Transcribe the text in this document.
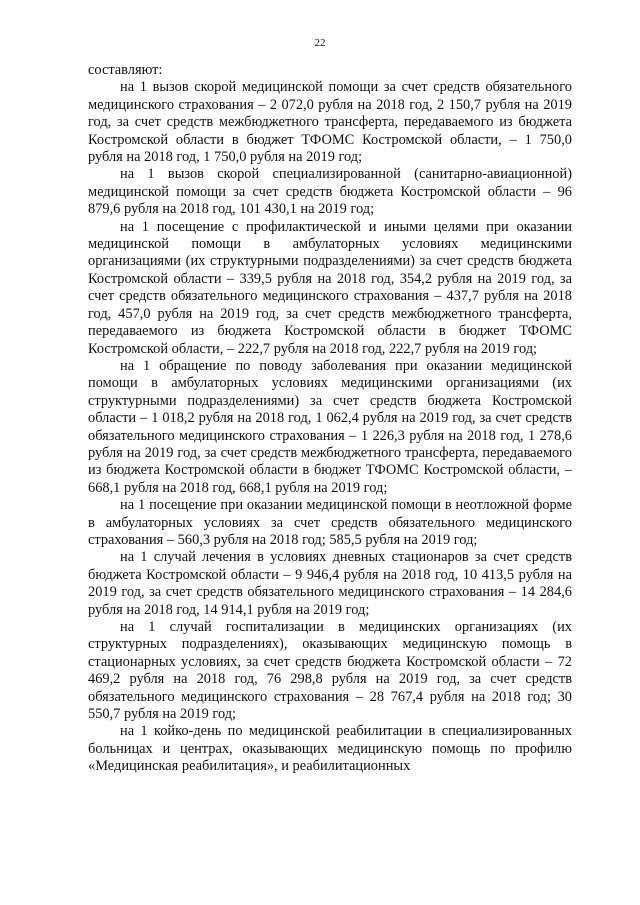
22

составляют:

на 1 вызов скорой медицинской помощи за счет средств обязательного медицинского страхования – 2 072,0 рубля на 2018 год, 2 150,7 рубля на 2019 год, за счет средств межбюджетного трансферта, передаваемого из бюджета Костромской области в бюджет ТФОМС Костромской области, – 1 750,0 рубля на 2018 год, 1 750,0 рубля на 2019 год;

на 1 вызов скорой специализированной (санитарно-авиационной) медицинской помощи за счет средств бюджета Костромской области – 96 879,6 рубля на 2018 год, 101 430,1 на 2019 год;

на 1 посещение с профилактической и иными целями при оказании медицинской помощи в амбулаторных условиях медицинскими организациями (их структурными подразделениями) за счет средств бюджета Костромской области – 339,5 рубля на 2018 год, 354,2 рубля на 2019 год, за счет средств обязательного медицинского страхования – 437,7 рубля на 2018 год, 457,0 рубля на 2019 год, за счет средств межбюджетного трансферта, передаваемого из бюджета Костромской области в бюджет ТФОМС Костромской области, – 222,7 рубля на 2018 год, 222,7 рубля на 2019 год;

на 1 обращение по поводу заболевания при оказании медицинской помощи в амбулаторных условиях медицинскими организациями (их структурными подразделениями) за счет средств бюджета Костромской области – 1 018,2 рубля на 2018 год, 1 062,4 рубля на 2019 год, за счет средств обязательного медицинского страхования – 1 226,3 рубля на 2018 год, 1 278,6 рубля на 2019 год, за счет средств межбюджетного трансферта, передаваемого из бюджета Костромской области в бюджет ТФОМС Костромской области, – 668,1 рубля на 2018 год, 668,1 рубля на 2019 год;

на 1 посещение при оказании медицинской помощи в неотложной форме в амбулаторных условиях за счет средств обязательного медицинского страхования – 560,3 рубля на 2018 год; 585,5 рубля на 2019 год;

на 1 случай лечения в условиях дневных стационаров за счет средств бюджета Костромской области – 9 946,4 рубля на 2018 год, 10 413,5 рубля на 2019 год, за счет средств обязательного медицинского страхования – 14 284,6 рубля на 2018 год, 14 914,1 рубля на 2019 год;

на 1 случай госпитализации в медицинских организациях (их структурных подразделениях), оказывающих медицинскую помощь в стационарных условиях, за счет средств бюджета Костромской области – 72 469,2 рубля на 2018 год, 76 298,8 рубля на 2019 год, за счет средств обязательного медицинского страхования – 28 767,4 рубля на 2018 год; 30 550,7 рубля на 2019 год;

на 1 койко-день по медицинской реабилитации в специализированных больницах и центрах, оказывающих медицинскую помощь по профилю «Медицинская реабилитация», и реабилитационных
